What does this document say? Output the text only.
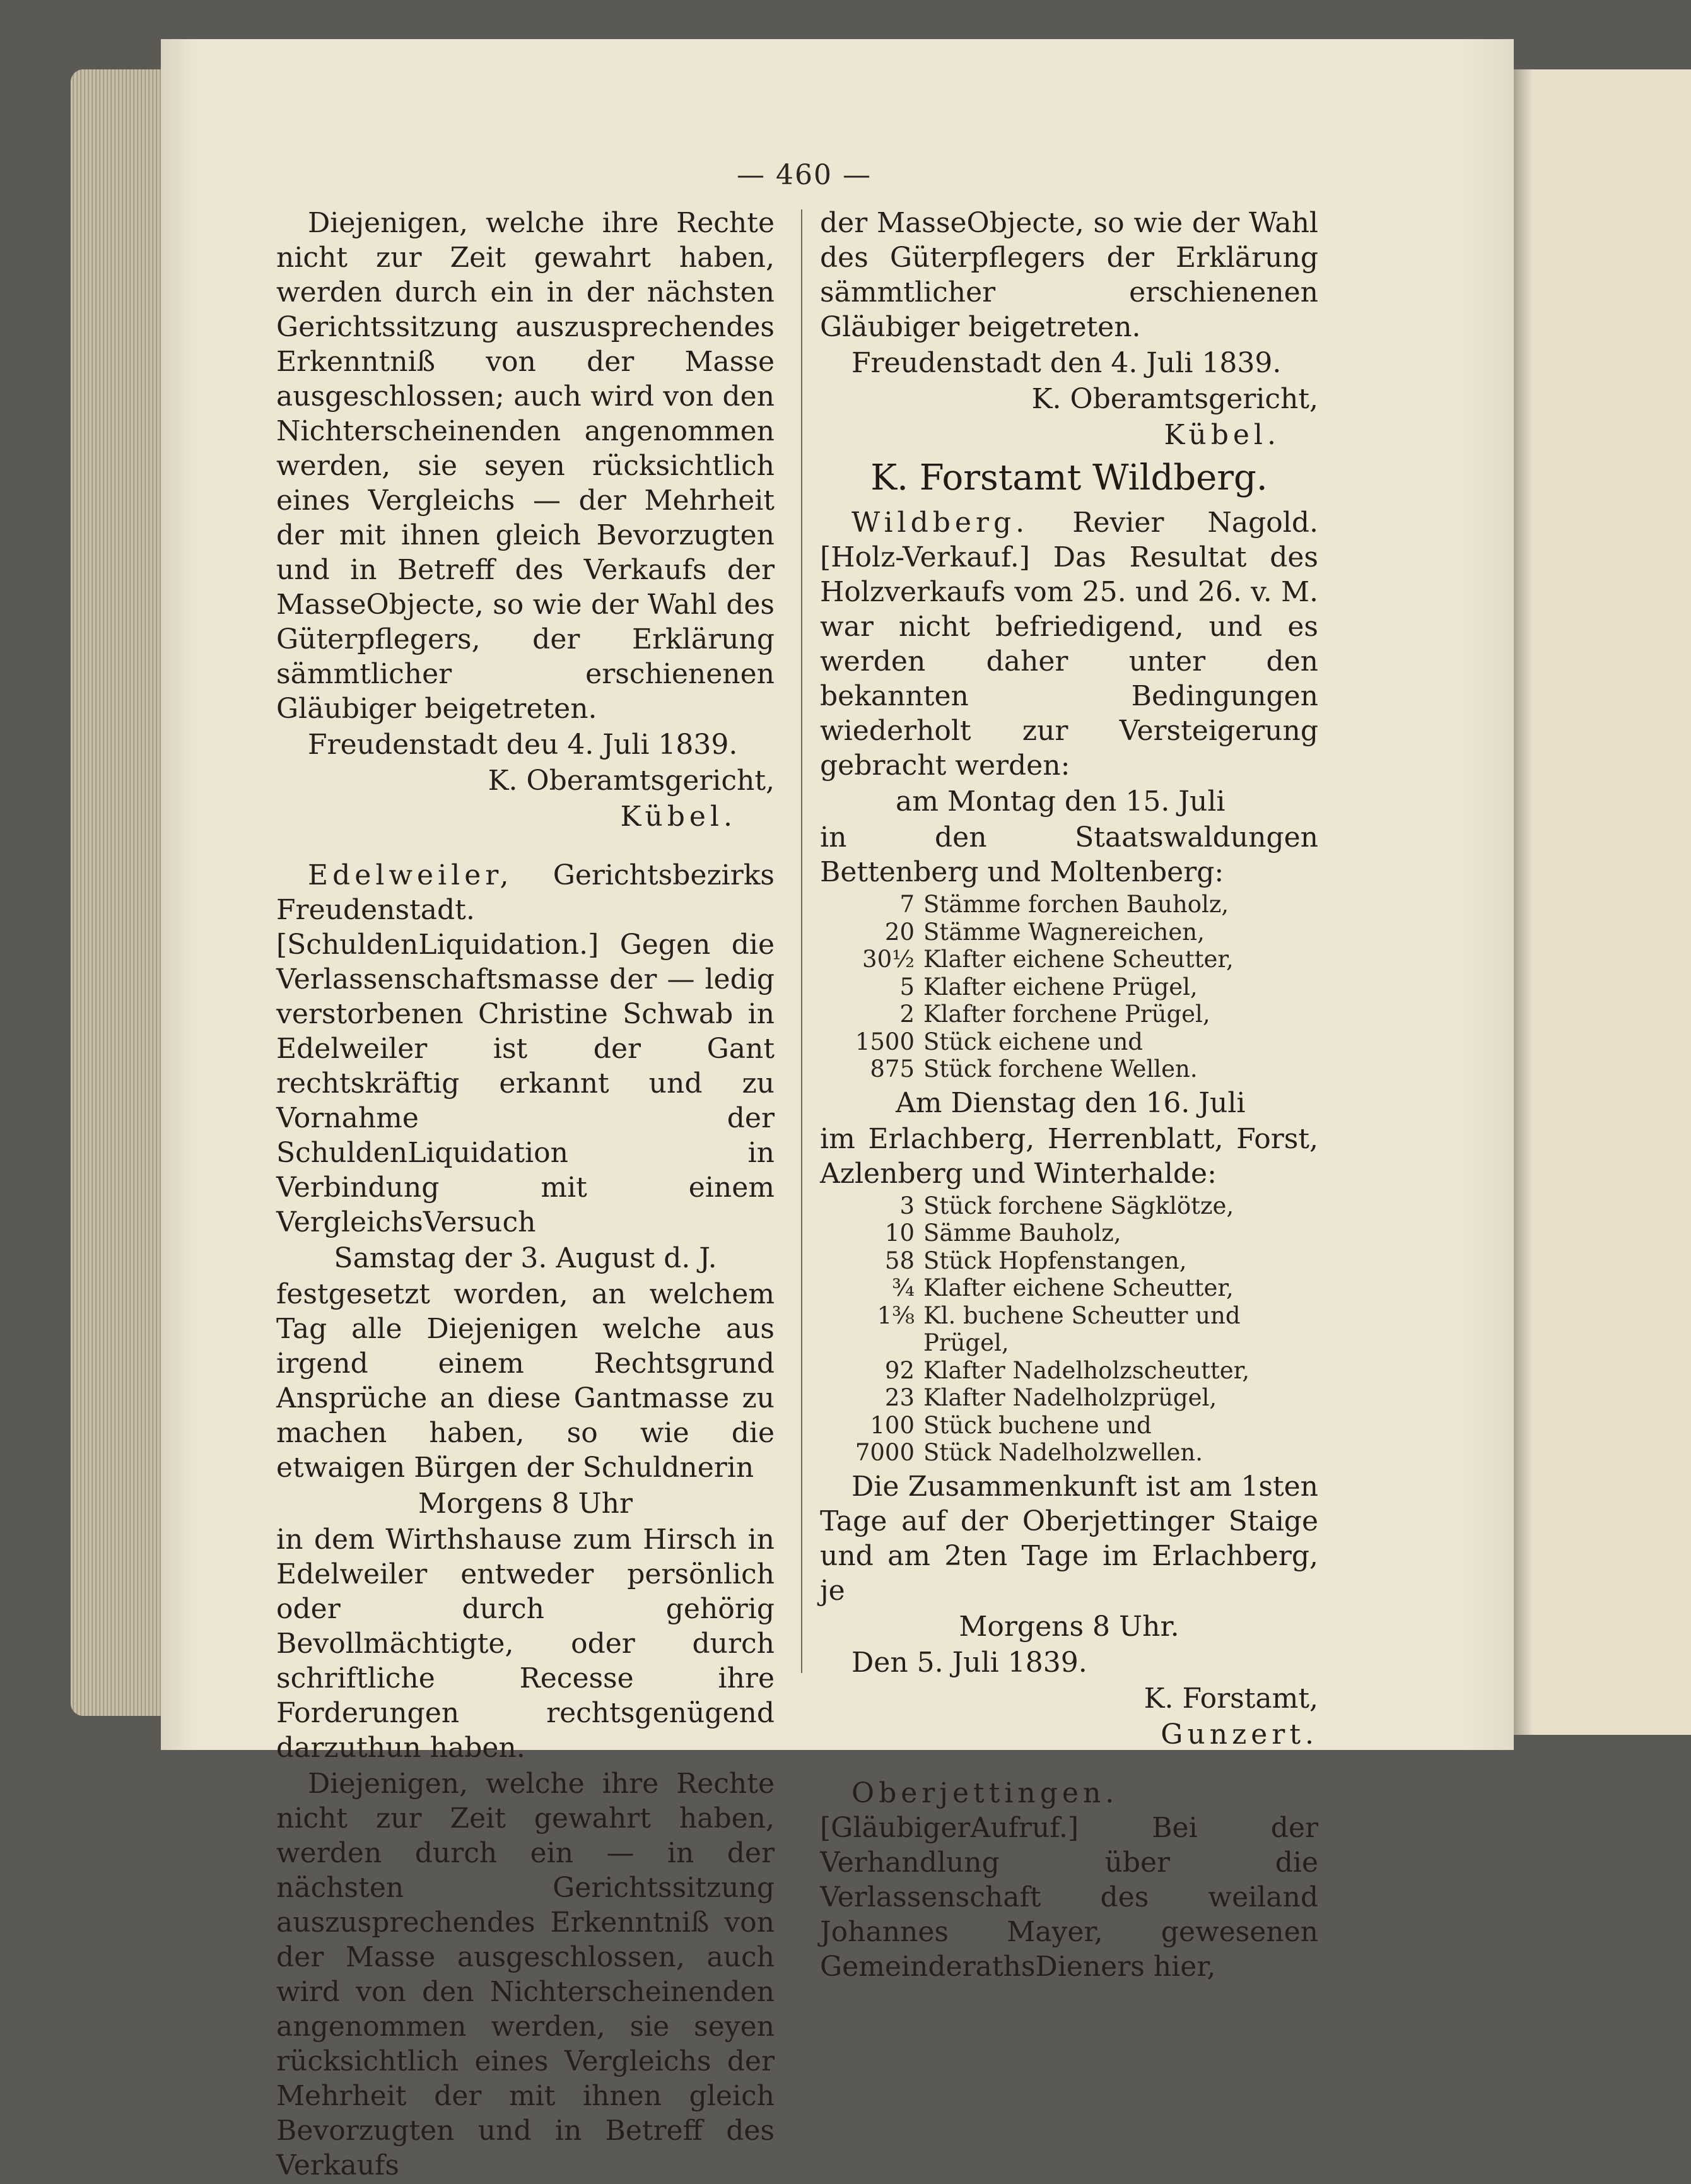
— 460 —

Diejenigen, welche ihre Rechte nicht zur Zeit gewahrt haben, werden durch ein in der nächsten Gerichtssitzung auszusprechendes Erkenntniß von der Masse ausgeschlossen; auch wird von den Nichterscheinenden angenommen werden, sie seyen rücksichtlich eines Vergleichs — der Mehrheit der mit ihnen gleich Bevorzugten und in Betreff des Verkaufs der MasseObjecte, so wie der Wahl des Güterpflegers, der Erklärung sämmtlicher erschienenen Gläubiger beigetreten.

Freudenstadt deu 4. Juli 1839.

K. Oberamtsgericht,

Kübel.

Edelweiler, Gerichtsbezirks Freudenstadt. [SchuldenLiquidation.] Gegen die Verlassenschaftsmasse der — ledig verstorbenen Christine Schwab in Edelweiler ist der Gant rechtskräftig erkannt und zu Vornahme der SchuldenLiquidation in Verbindung mit einem VergleichsVersuch

Samstag der 3. August d. J.

festgesetzt worden, an welchem Tag alle Diejenigen welche aus irgend einem Rechtsgrund Ansprüche an diese Gantmasse zu machen haben, so wie die etwaigen Bürgen der Schuldnerin

Morgens 8 Uhr

in dem Wirthshause zum Hirsch in Edelweiler entweder persönlich oder durch gehörig Bevollmächtigte, oder durch schriftliche Recesse ihre Forderungen rechtsgenügend darzuthun haben.

Diejenigen, welche ihre Rechte nicht zur Zeit gewahrt haben, werden durch ein — in der nächsten Gerichtssitzung auszusprechendes Erkenntniß von der Masse ausgeschlossen, auch wird von den Nichterscheinenden angenommen werden, sie seyen rücksichtlich eines Vergleichs der Mehrheit der mit ihnen gleich Bevorzugten und in Betreff des Verkaufs

der MasseObjecte, so wie der Wahl des Güterpflegers der Erklärung sämmtlicher erschienenen Gläubiger beigetreten.

Freudenstadt den 4. Juli 1839.

K. Oberamtsgericht,

Kübel.

K. Forstamt Wildberg.

Wildberg. Revier Nagold. [Holz-Verkauf.] Das Resultat des Holzverkaufs vom 25. und 26. v. M. war nicht befriedigend, und es werden daher unter den bekannten Bedingungen wiederholt zur Versteigerung gebracht werden:

am Montag den 15. Juli

in den Staatswaldungen Bettenberg und Moltenberg:

7 Stämme forchen Bauholz,
20 Stämme Wagnereichen,
30½ Klafter eichene Scheutter,
5 Klafter eichene Prügel,
2 Klafter forchene Prügel,
1500 Stück eichene und
875 Stück forchene Wellen.

Am Dienstag den 16. Juli

im Erlachberg, Herrenblatt, Forst, Azlenberg und Winterhalde:

3 Stück forchene Sägklötze,
10 Sämme Bauholz,
58 Stück Hopfenstangen,
¾ Klafter eichene Scheutter,
1⅜ Kl. buchene Scheutter und Prügel,
92 Klafter Nadelholzscheutter,
23 Klafter Nadelholzprügel,
100 Stück buchene und
7000 Stück Nadelholzwellen.

Die Zusammenkunft ist am 1sten Tage auf der Oberjettinger Staige und am 2ten Tage im Erlachberg, je

Morgens 8 Uhr.

Den 5. Juli 1839.

K. Forstamt,

Gunzert.

Oberjettingen. [GläubigerAufruf.] Bei der Verhandlung über die Verlassenschaft des weiland Johannes Mayer, gewesenen GemeinderathsDieners hier,
